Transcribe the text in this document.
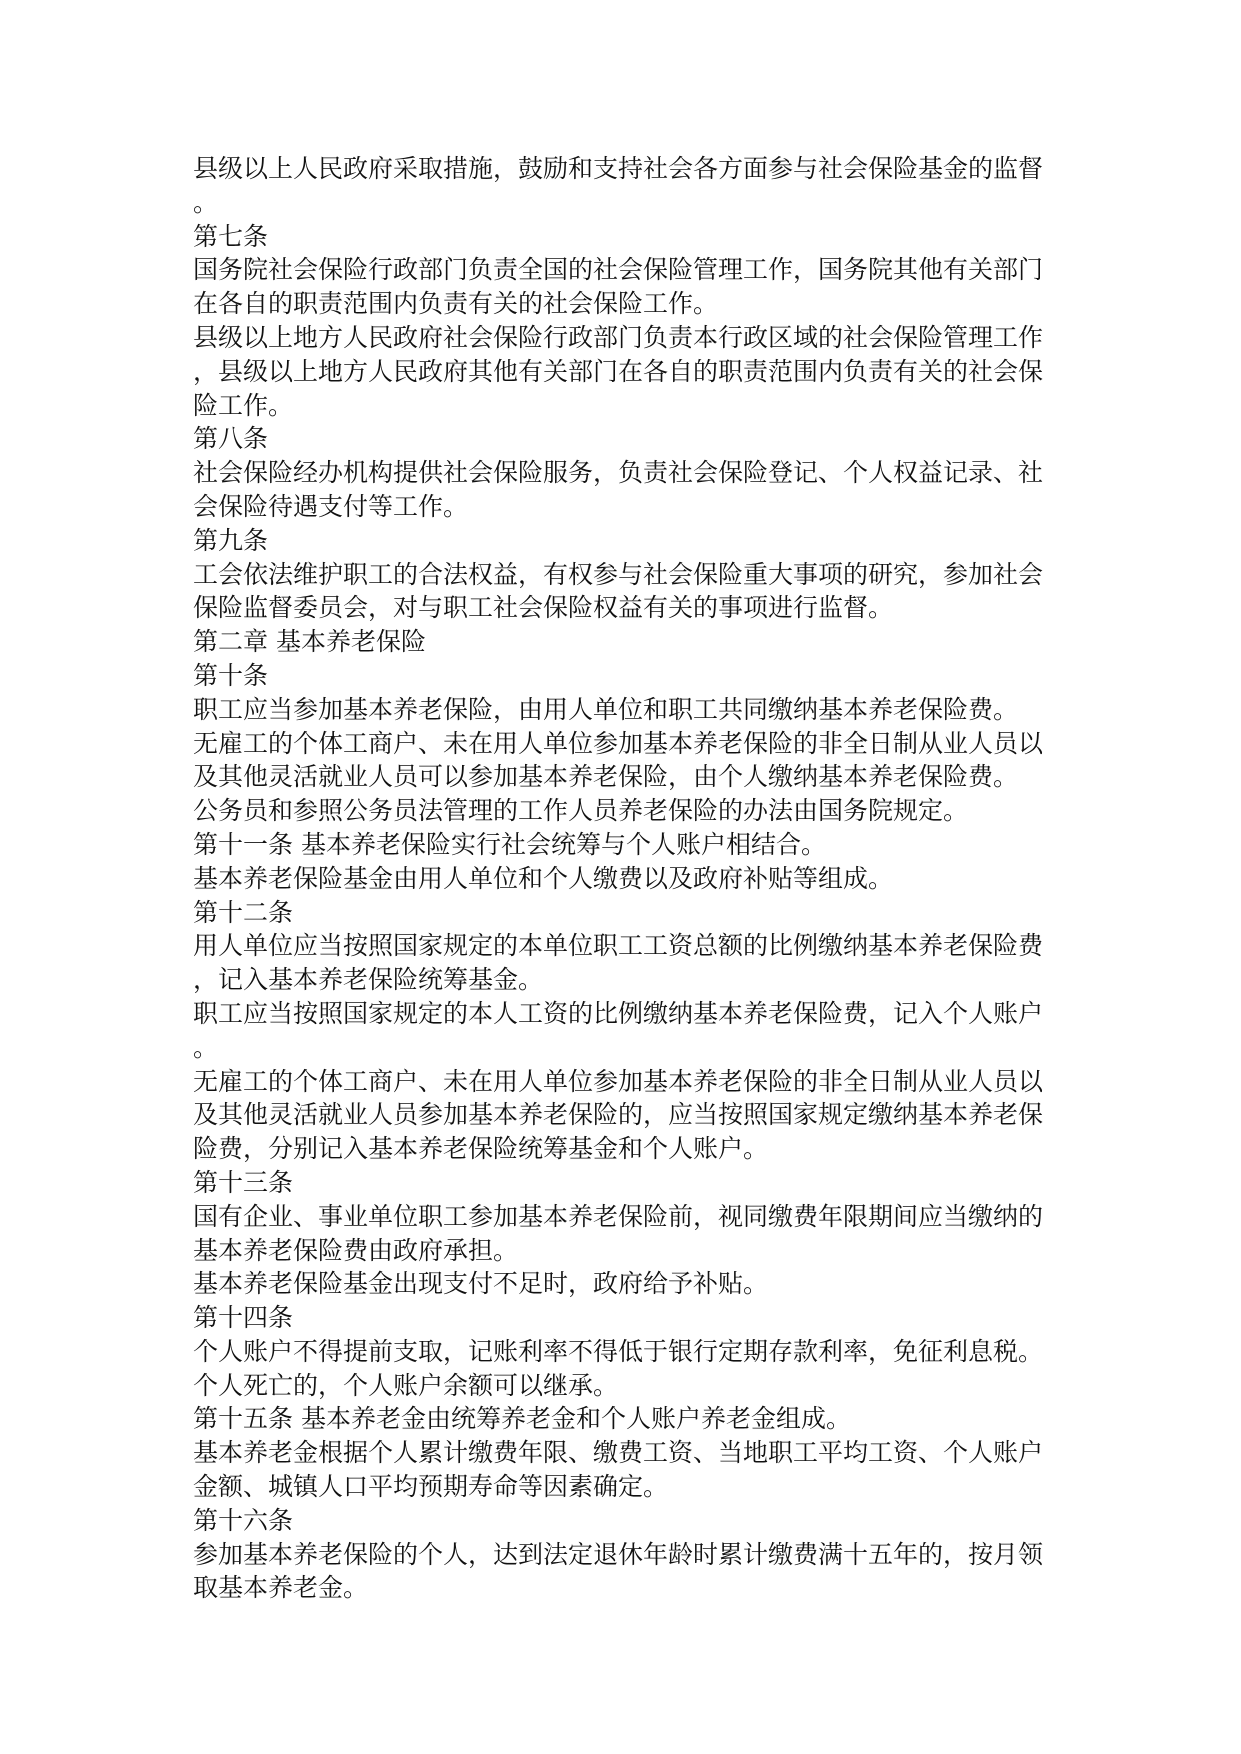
县级以上人民政府采取措施，鼓励和支持社会各方面参与社会保险基金的监督
。
第七条
国务院社会保险行政部门负责全国的社会保险管理工作，国务院其他有关部门
在各自的职责范围内负责有关的社会保险工作。
县级以上地方人民政府社会保险行政部门负责本行政区域的社会保险管理工作
，县级以上地方人民政府其他有关部门在各自的职责范围内负责有关的社会保
险工作。
第八条
社会保险经办机构提供社会保险服务，负责社会保险登记、个人权益记录、社
会保险待遇支付等工作。
第九条
工会依法维护职工的合法权益，有权参与社会保险重大事项的研究，参加社会
保险监督委员会，对与职工社会保险权益有关的事项进行监督。
第二章 基本养老保险
第十条
职工应当参加基本养老保险，由用人单位和职工共同缴纳基本养老保险费。
无雇工的个体工商户、未在用人单位参加基本养老保险的非全日制从业人员以
及其他灵活就业人员可以参加基本养老保险，由个人缴纳基本养老保险费。
公务员和参照公务员法管理的工作人员养老保险的办法由国务院规定。
第十一条 基本养老保险实行社会统筹与个人账户相结合。
基本养老保险基金由用人单位和个人缴费以及政府补贴等组成。
第十二条
用人单位应当按照国家规定的本单位职工工资总额的比例缴纳基本养老保险费
，记入基本养老保险统筹基金。
职工应当按照国家规定的本人工资的比例缴纳基本养老保险费，记入个人账户
。
无雇工的个体工商户、未在用人单位参加基本养老保险的非全日制从业人员以
及其他灵活就业人员参加基本养老保险的，应当按照国家规定缴纳基本养老保
险费，分别记入基本养老保险统筹基金和个人账户。
第十三条
国有企业、事业单位职工参加基本养老保险前，视同缴费年限期间应当缴纳的
基本养老保险费由政府承担。
基本养老保险基金出现支付不足时，政府给予补贴。
第十四条
个人账户不得提前支取，记账利率不得低于银行定期存款利率，免征利息税。
个人死亡的，个人账户余额可以继承。
第十五条 基本养老金由统筹养老金和个人账户养老金组成。
基本养老金根据个人累计缴费年限、缴费工资、当地职工平均工资、个人账户
金额、城镇人口平均预期寿命等因素确定。
第十六条
参加基本养老保险的个人，达到法定退休年龄时累计缴费满十五年的，按月领
取基本养老金。
